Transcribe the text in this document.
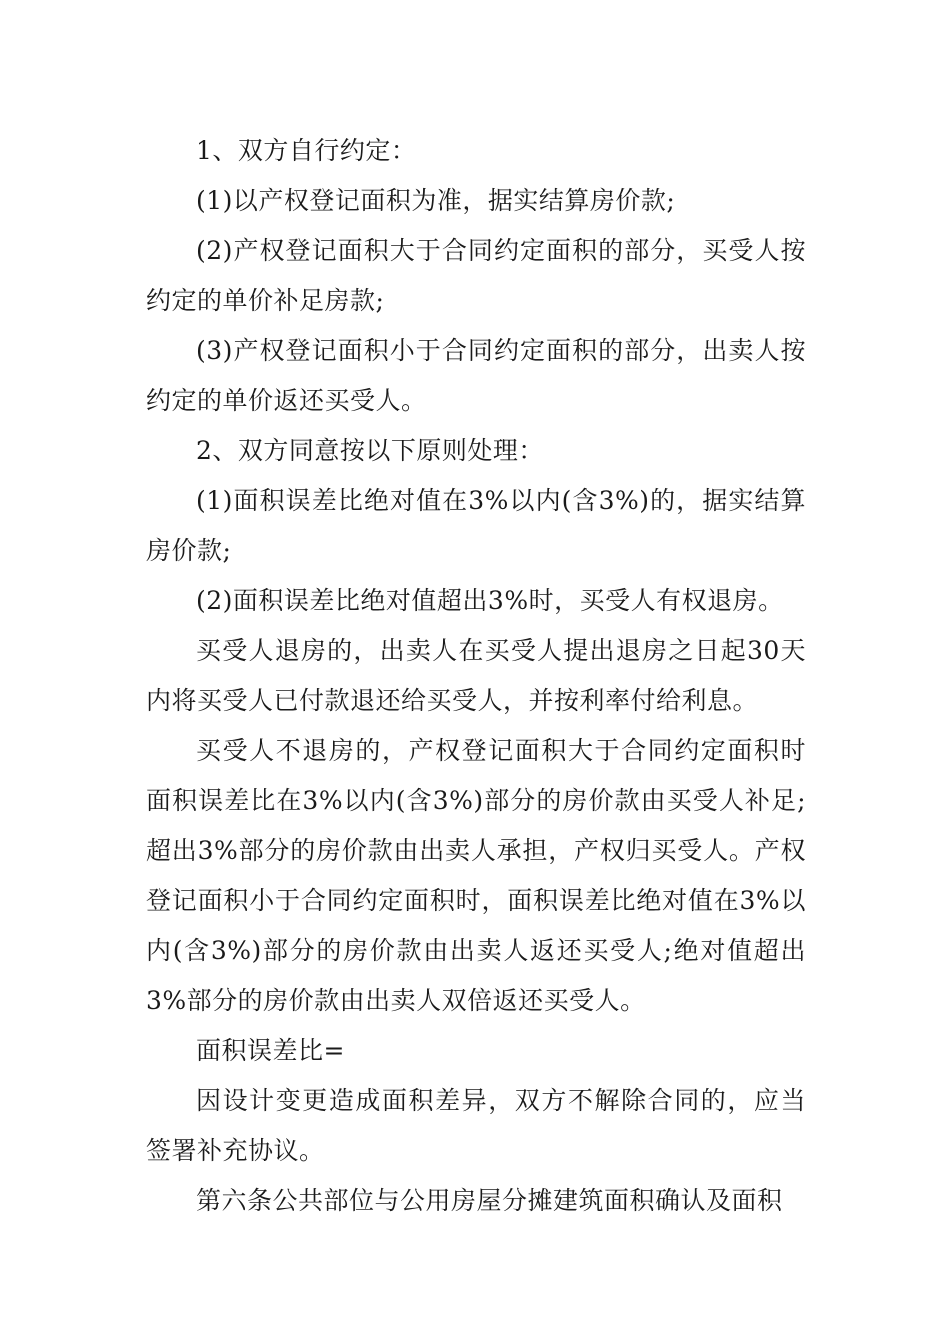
1、双方自行约定：

(1)以产权登记面积为准，据实结算房价款;

(2)产权登记面积大于合同约定面积的部分，买受人按约定的单价补足房款;

(3)产权登记面积小于合同约定面积的部分，出卖人按约定的单价返还买受人。

2、双方同意按以下原则处理：

(1)面积误差比绝对值在3%以内(含3%)的，据实结算房价款;

(2)面积误差比绝对值超出3%时，买受人有权退房。

买受人退房的，出卖人在买受人提出退房之日起30天内将买受人已付款退还给买受人，并按利率付给利息。

买受人不退房的，产权登记面积大于合同约定面积时面积误差比在3%以内(含3%)部分的房价款由买受人补足;超出3%部分的房价款由出卖人承担，产权归买受人。产权登记面积小于合同约定面积时，面积误差比绝对值在3%以内(含3%)部分的房价款由出卖人返还买受人;绝对值超出3%部分的房价款由出卖人双倍返还买受人。

面积误差比=

因设计变更造成面积差异，双方不解除合同的，应当签署补充协议。

第六条公共部位与公用房屋分摊建筑面积确认及面积
